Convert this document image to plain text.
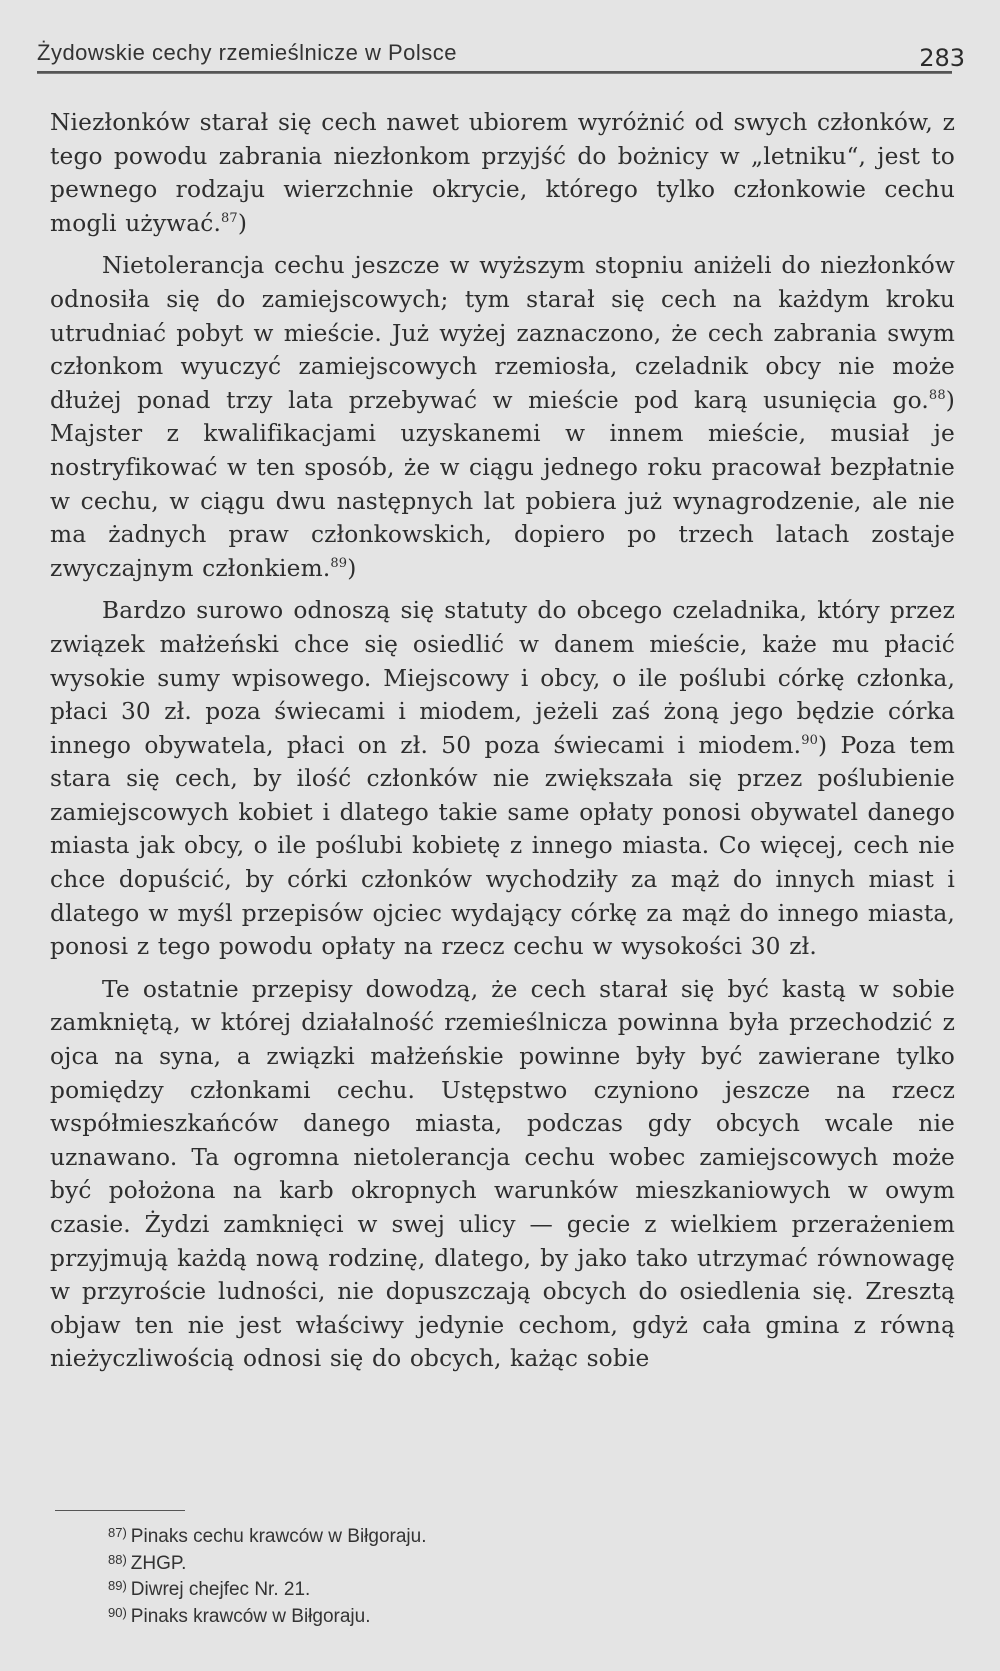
Żydowskie cechy rzemieślnicze w Polsce	283

Niezłonków starał się cech nawet ubiorem wyróżnić od swych członków, z tego powodu zabrania niezłonkom przyjść do bożnicy w „letniku“, jest to pewnego rodzaju wierzchnie okrycie, którego tylko członkowie cechu mogli używać.$^{87}$)

Nietolerancja cechu jeszcze w wyższym stopniu aniżeli do niezłonków odnosiła się do zamiejscowych; tym starał się cech na każdym kroku utrudniać pobyt w mieście. Już wyżej zaznaczono, że cech zabrania swym członkom wyuczyć zamiejscowych rzemiosła, czeladnik obcy nie może dłużej ponad trzy lata przebywać w mieście pod karą usunięcia go.$^{88}$) Majster z kwalifikacjami uzyskanemi w innem mieście, musiał je nostryfikować w ten sposób, że w ciągu jednego roku pracował bezpłatnie w cechu, w ciągu dwu następnych lat pobiera już wynagrodzenie, ale nie ma żadnych praw członkowskich, dopiero po trzech latach zostaje zwyczajnym członkiem.$^{89}$)

Bardzo surowo odnoszą się statuty do obcego czeladnika, który przez związek małżeński chce się osiedlić w danem mieście, każe mu płacić wysokie sumy wpisowego. Miejscowy i obcy, o ile poślubi córkę członka, płaci 30 zł. poza świecami i miodem, jeżeli zaś żoną jego będzie córka innego obywatela, płaci on zł. 50 poza świecami i miodem.$^{90}$) Poza tem stara się cech, by ilość członków nie zwiększała się przez poślubienie zamiejscowych kobiet i dlatego takie same opłaty ponosi obywatel danego miasta jak obcy, o ile poślubi kobietę z innego miasta. Co więcej, cech nie chce dopuścić, by córki członków wychodziły za mąż do innych miast i dlatego w myśl przepisów ojciec wydający córkę za mąż do innego miasta, ponosi z tego powodu opłaty na rzecz cechu w wysokości 30 zł.

Te ostatnie przepisy dowodzą, że cech starał się być kastą w sobie zamkniętą, w której działalność rzemieślnicza powinna była przechodzić z ojca na syna, a związki małżeńskie powinne były być zawierane tylko pomiędzy członkami cechu. Ustępstwo czyniono jeszcze na rzecz współmieszkańców danego miasta, podczas gdy obcych wcale nie uznawano. Ta ogromna nietolerancja cechu wobec zamiejscowych może być położona na karb okropnych warunków mieszkaniowych w owym czasie. Żydzi zamknięci w swej ulicy — gecie z wielkiem przerażeniem przyjmują każdą nową rodzinę, dlatego, by jako tako utrzymać równowagę w przyroście ludności, nie dopuszczają obcych do osiedlenia się. Zresztą objaw ten nie jest właściwy jedynie cechom, gdyż cała gmina z równą nieżyczliwością odnosi się do obcych, każąc sobie

$^{87)}$ Pinaks cechu krawców w Biłgoraju.
$^{88)}$ ZHGP.
$^{89)}$ Diwrej chejfec Nr. 21.
$^{90)}$ Pinaks krawców w Biłgoraju.
